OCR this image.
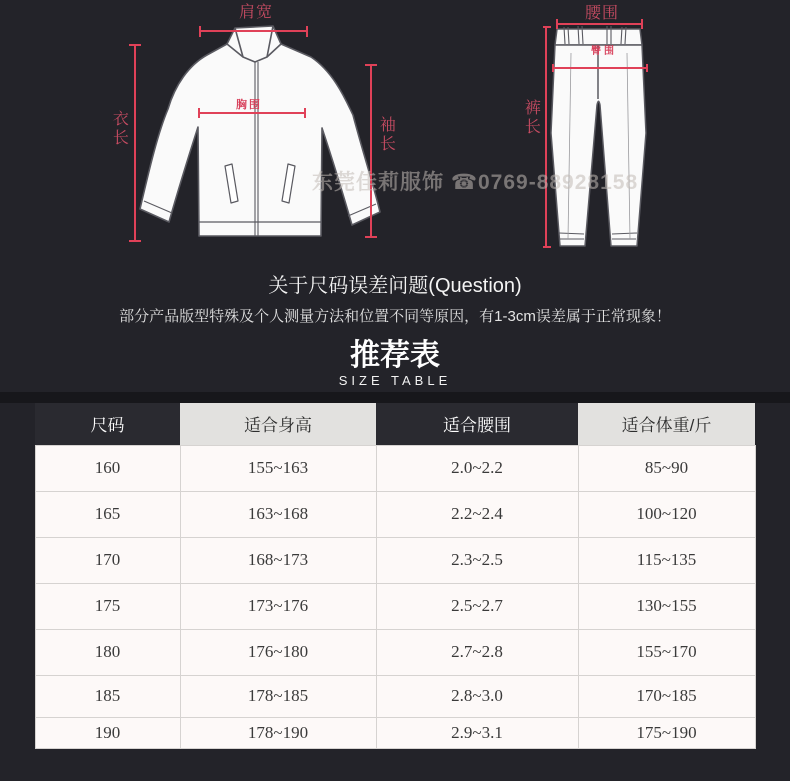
肩宽
衣长
胸围
袖长
腰围
臀围
裤长
东莞佳莉服饰 ☎0769-88928158
关于尺码误差问题(Question)
部分产品版型特殊及个人测量方法和位置不同等原因，有1-3cm误差属于正常现象！
推荐表
SIZE TABLE
尺码	适合身高	适合腰围	适合体重/斤
160	155~163	2.0~2.2	85~90
165	163~168	2.2~2.4	100~120
170	168~173	2.3~2.5	115~135
175	173~176	2.5~2.7	130~155
180	176~180	2.7~2.8	155~170
185	178~185	2.8~3.0	170~185
190	178~190	2.9~3.1	175~190
